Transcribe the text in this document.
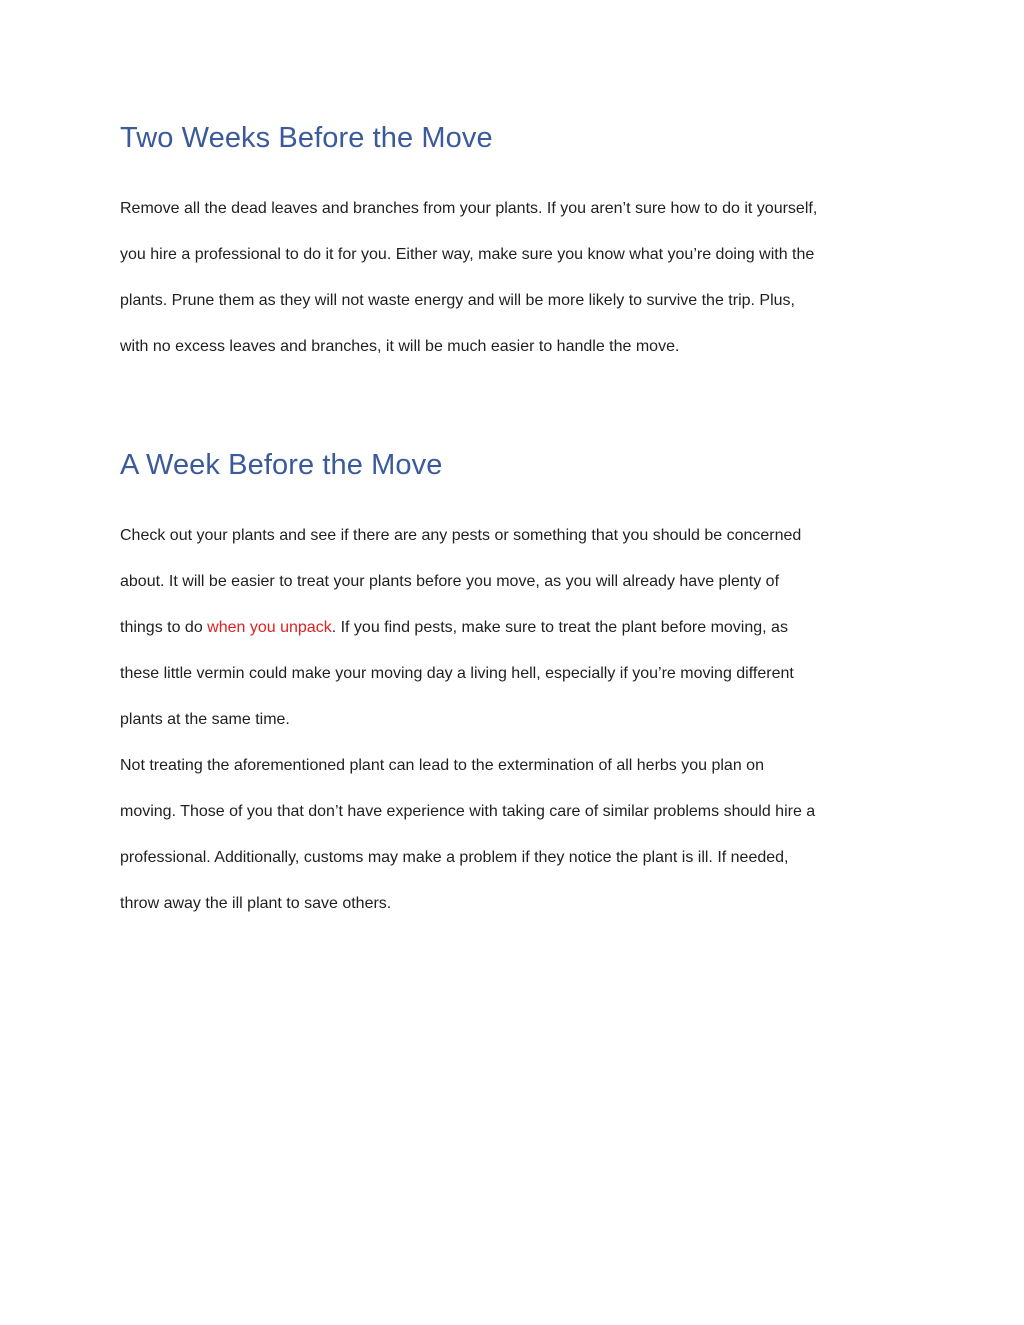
Two Weeks Before the Move

Remove all the dead leaves and branches from your plants. If you aren’t sure how to do it yourself,

you hire a professional to do it for you. Either way, make sure you know what you’re doing with the

plants. Prune them as they will not waste energy and will be more likely to survive the trip. Plus,

with no excess leaves and branches, it will be much easier to handle the move.

A Week Before the Move

Check out your plants and see if there are any pests or something that you should be concerned

about. It will be easier to treat your plants before you move, as you will already have plenty of

things to do when you unpack. If you find pests, make sure to treat the plant before moving, as

these little vermin could make your moving day a living hell, especially if you’re moving different

plants at the same time.

Not treating the aforementioned plant can lead to the extermination of all herbs you plan on

moving. Those of you that don’t have experience with taking care of similar problems should hire a

professional. Additionally, customs may make a problem if they notice the plant is ill. If needed,

throw away the ill plant to save others.
